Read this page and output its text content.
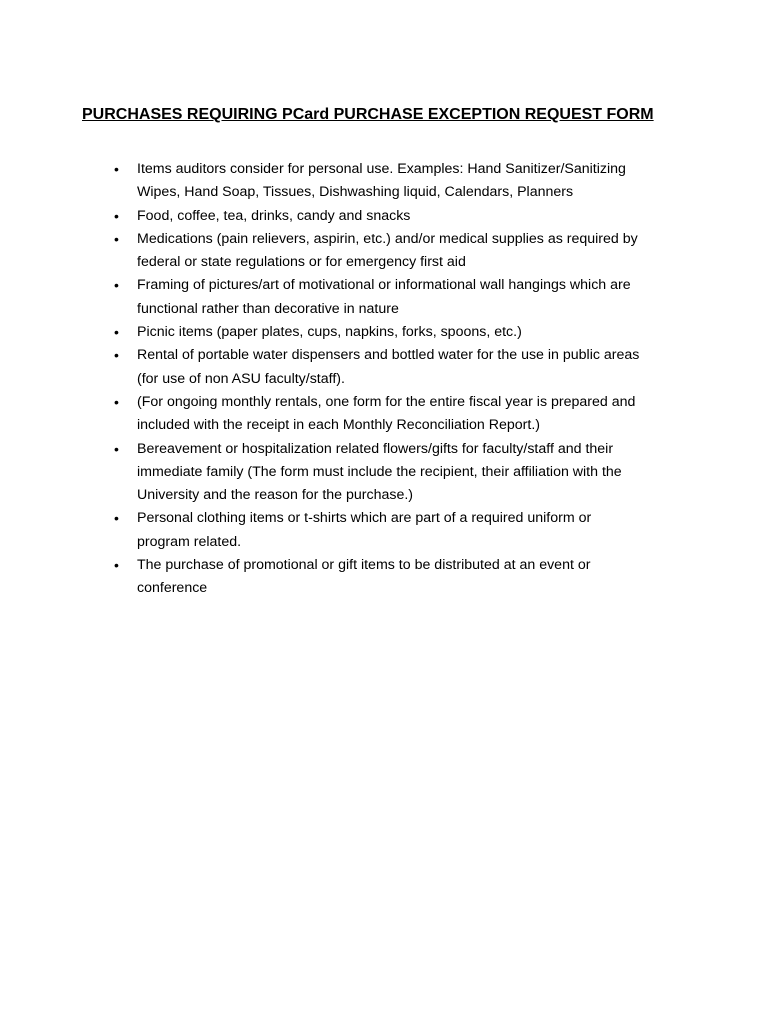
PURCHASES REQUIRING PCard PURCHASE EXCEPTION REQUEST FORM
• Items auditors consider for personal use. Examples: Hand Sanitizer/Sanitizing
Wipes, Hand Soap, Tissues, Dishwashing liquid, Calendars, Planners
• Food, coffee, tea, drinks, candy and snacks
• Medications (pain relievers, aspirin, etc.) and/or medical supplies as required by
federal or state regulations or for emergency first aid
• Framing of pictures/art of motivational or informational wall hangings which are
functional rather than decorative in nature
• Picnic items (paper plates, cups, napkins, forks, spoons, etc.)
• Rental of portable water dispensers and bottled water for the use in public areas
(for use of non ASU faculty/staff).
• (For ongoing monthly rentals, one form for the entire fiscal year is prepared and
included with the receipt in each Monthly Reconciliation Report.)
• Bereavement or hospitalization related flowers/gifts for faculty/staff and their
immediate family (The form must include the recipient, their affiliation with the
University and the reason for the purchase.)
• Personal clothing items or t-shirts which are part of a required uniform or
program related.
• The purchase of promotional or gift items to be distributed at an event or
conference
